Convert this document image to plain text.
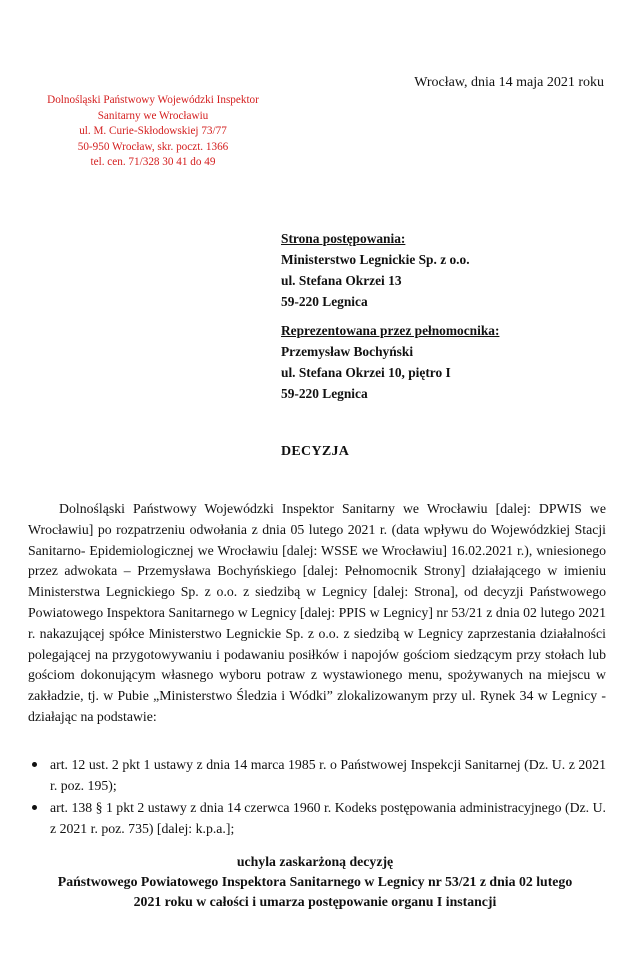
Wrocław, dnia 14 maja 2021 roku
Dolnośląski Państwowy Wojewódzki Inspektor
Sanitarny we Wrocławiu
ul. M. Curie-Skłodowskiej 73/77
50-950 Wrocław, skr. poczt. 1366
tel. cen. 71/328 30 41 do 49
Strona postępowania:
Ministerstwo Legnickie Sp. z o.o.
ul. Stefana Okrzei 13
59-220 Legnica
Reprezentowana przez pełnomocnika:
Przemysław Bochyński
ul. Stefana Okrzei 10, piętro I
59-220 Legnica
DECYZJA

Dolnośląski Państwowy Wojewódzki Inspektor Sanitarny we Wrocławiu [dalej: DPWIS we Wrocławiu] po rozpatrzeniu odwołania z dnia 05 lutego 2021 r. (data wpływu do Wojewódzkiej Stacji Sanitarno- Epidemiologicznej we Wrocławiu [dalej: WSSE we Wrocławiu] 16.02.2021 r.), wniesionego przez adwokata – Przemysława Bochyńskiego [dalej: Pełnomocnik Strony] działającego w imieniu Ministerstwa Legnickiego Sp. z o.o. z siedzibą w Legnicy [dalej: Strona], od decyzji Państwowego Powiatowego Inspektora Sanitarnego w Legnicy [dalej: PPIS w Legnicy] nr 53/21 z dnia 02 lutego 2021 r. nakazującej spółce Ministerstwo Legnickie Sp. z o.o. z siedzibą w Legnicy zaprzestania działalności polegającej na przygotowywaniu i podawaniu posiłków i napojów gościom siedzącym przy stołach lub gościom dokonującym własnego wyboru potraw z wystawionego menu, spożywanych na miejscu w zakładzie, tj. w Pubie „Ministerstwo Śledzia i Wódki” zlokalizowanym przy ul. Rynek 34 w Legnicy - działając na podstawie:

art. 12 ust. 2 pkt 1 ustawy z dnia 14 marca 1985 r. o Państwowej Inspekcji Sanitarnej (Dz. U. z 2021 r. poz. 195);
art. 138 § 1 pkt 2 ustawy z dnia 14 czerwca 1960 r. Kodeks postępowania administracyjnego (Dz. U. z 2021 r. poz. 735) [dalej: k.p.a.];
uchyla zaskarżoną decyzję
Państwowego Powiatowego Inspektora Sanitarnego w Legnicy nr 53/21 z dnia 02 lutego
2021 roku w całości i umarza postępowanie organu I instancji
